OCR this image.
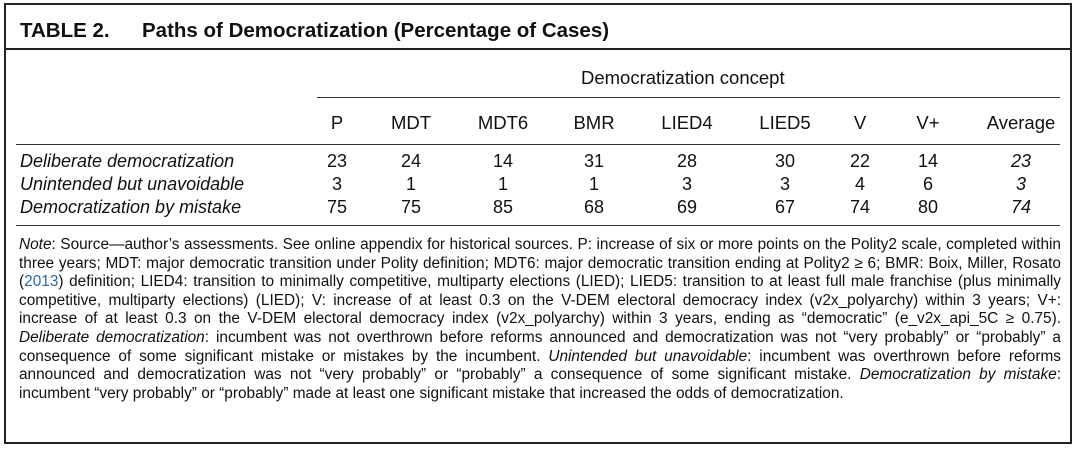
TABLE 2. Paths of Democratization (Percentage of Cases)
Democratization concept
P	MDT	MDT6	BMR	LIED4	LIED5	V	V+	Average
Deliberate democratization	23	24	14	31	28	30	22	14	23
Unintended but unavoidable	3	1	1	1	3	3	4	6	3
Democratization by mistake	75	75	85	68	69	67	74	80	74
Note: Source—author’s assessments. See online appendix for historical sources. P: increase of six or more points on the Polity2 scale, completed within three years; MDT: major democratic transition under Polity definition; MDT6: major democratic transition ending at Polity2 ≥ 6; BMR: Boix, Miller, Rosato (2013) definition; LIED4: transition to minimally competitive, multiparty elections (LIED); LIED5: transition to at least full male franchise (plus minimally competitive, multiparty elections) (LIED); V: increase of at least 0.3 on the V-DEM electoral democracy index (v2x_polyarchy) within 3 years; V+: increase of at least 0.3 on the V-DEM electoral democracy index (v2x_polyarchy) within 3 years, ending as “democratic” (e_v2x_api_5C ≥ 0.75). Deliberate democratization: incumbent was not overthrown before reforms announced and democratization was not “very probably” or “probably” a consequence of some significant mistake or mistakes by the incumbent. Unintended but unavoidable: incumbent was overthrown before reforms announced and democratization was not “very probably” or “probably” a consequence of some significant mistake. Democratization by mistake: incumbent “very probably” or “probably” made at least one significant mistake that increased the odds of democratization.
